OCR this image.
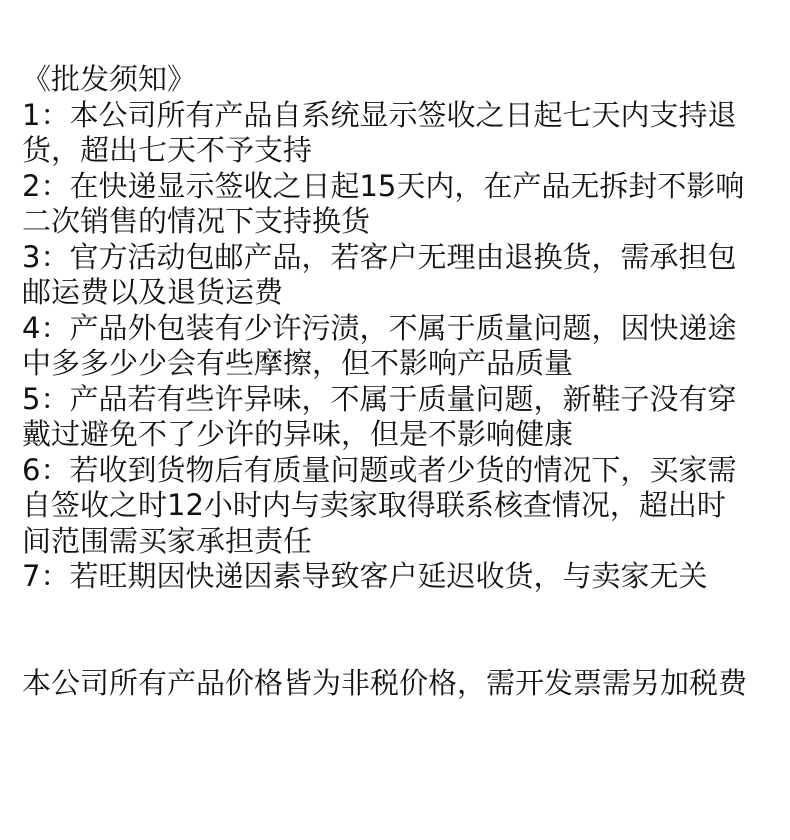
《批发须知》

1：本公司所有产品自系统显示签收之日起七天内支持退货，超出七天不予支持

2：在快递显示签收之日起15天内，在产品无拆封不影响二次销售的情况下支持换货

3：官方活动包邮产品，若客户无理由退换货，需承担包邮运费以及退货运费

4：产品外包装有少许污渍，不属于质量问题，因快递途中多多少少会有些摩擦，但不影响产品质量

5：产品若有些许异味，不属于质量问题，新鞋子没有穿戴过避免不了少许的异味，但是不影响健康

6：若收到货物后有质量问题或者少货的情况下，买家需自签收之时12小时内与卖家取得联系核查情况，超出时间范围需买家承担责任

7：若旺期因快递因素导致客户延迟收货，与卖家无关

本公司所有产品价格皆为非税价格，需开发票需另加税费
